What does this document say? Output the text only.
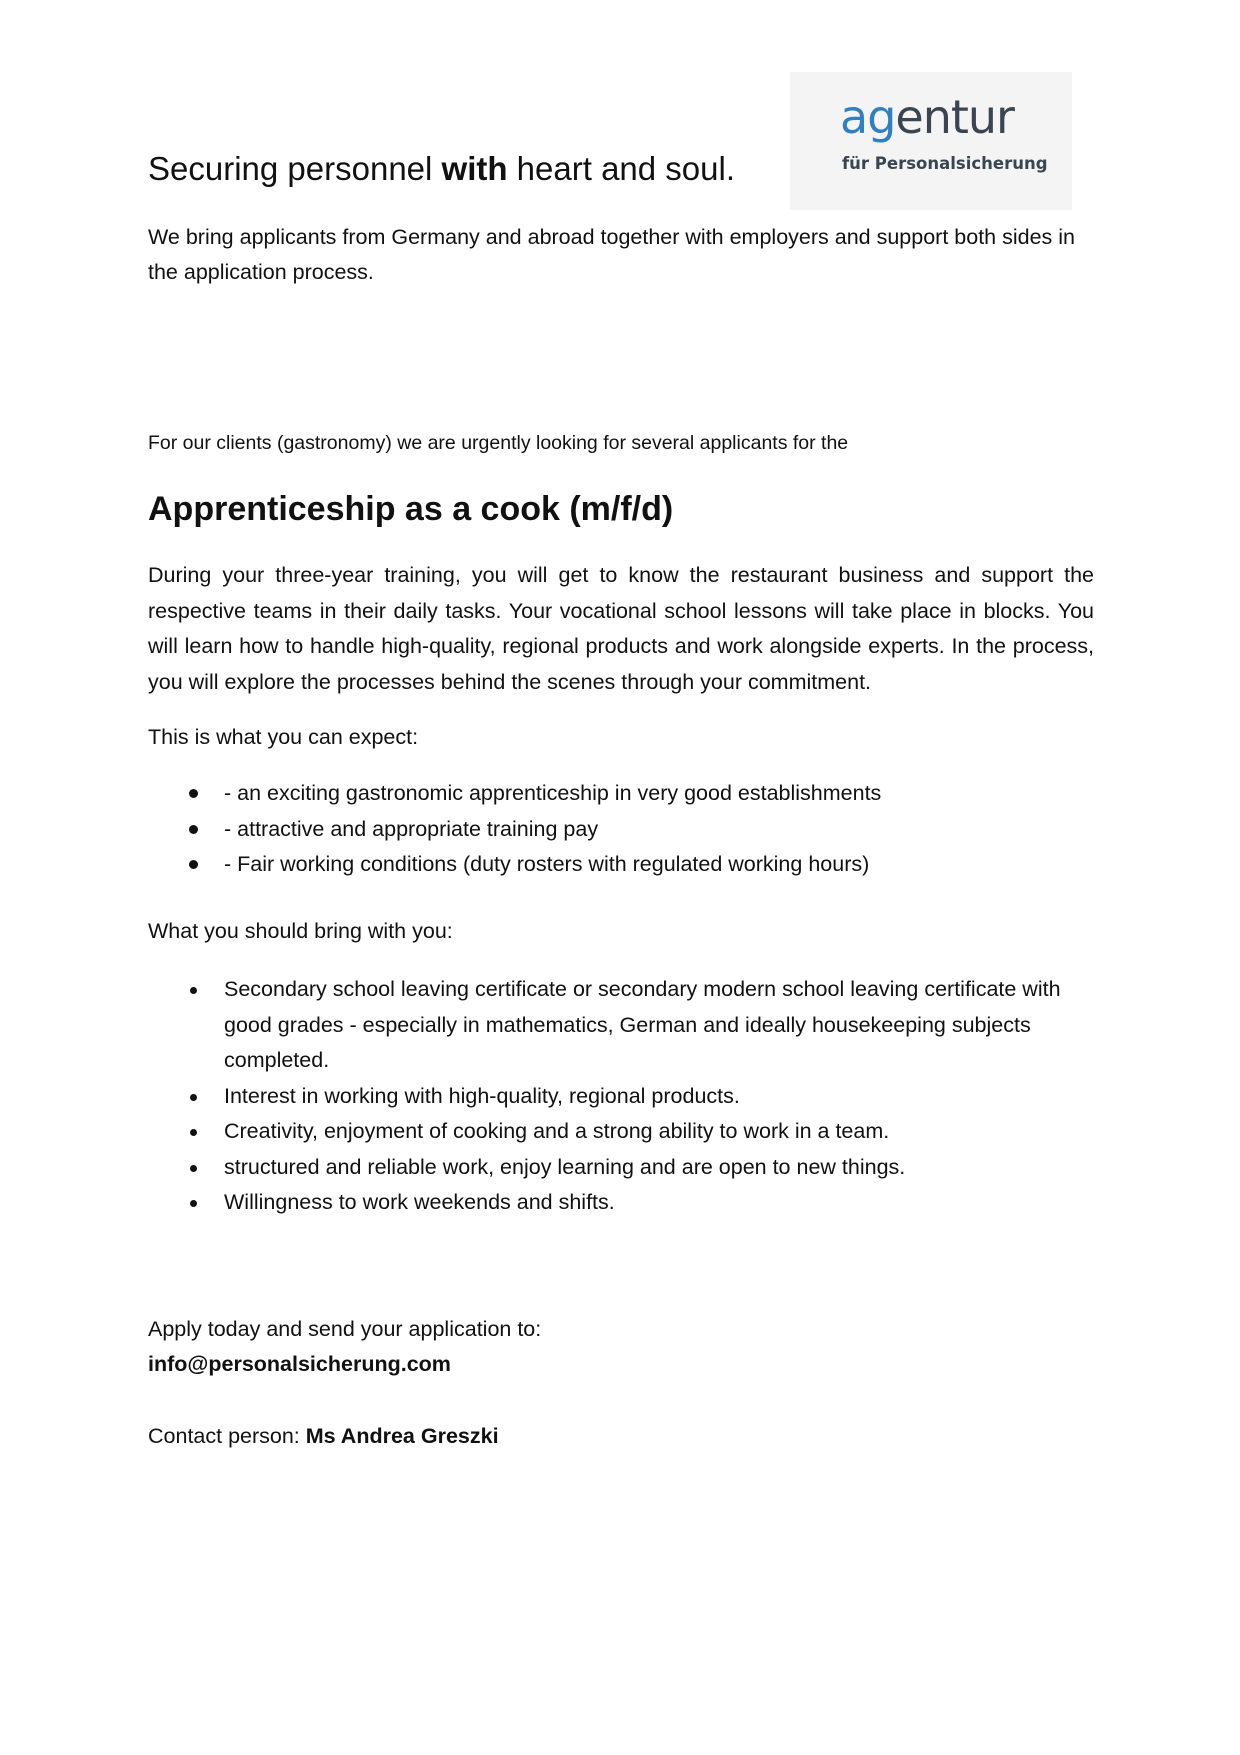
agentur
für Personalsicherung
Securing personnel with heart and soul.
We bring applicants from Germany and abroad together with employers and support both sides in the application process.
For our clients (gastronomy) we are urgently looking for several applicants for the
Apprenticeship as a cook (m/f/d)
During your three-year training, you will get to know the restaurant business and support the respective teams in their daily tasks. Your vocational school lessons will take place in blocks. You will learn how to handle high-quality, regional products and work alongside experts. In the process, you will explore the processes behind the scenes through your commitment.
This is what you can expect:
- an exciting gastronomic apprenticeship in very good establishments
- attractive and appropriate training pay
- Fair working conditions (duty rosters with regulated working hours)
What you should bring with you:
Secondary school leaving certificate or secondary modern school leaving certificate with good grades - especially in mathematics, German and ideally housekeeping subjects completed.
Interest in working with high-quality, regional products.
Creativity, enjoyment of cooking and a strong ability to work in a team.
structured and reliable work, enjoy learning and are open to new things.
Willingness to work weekends and shifts.
Apply today and send your application to:
info@personalsicherung.com
Contact person: Ms Andrea Greszki
